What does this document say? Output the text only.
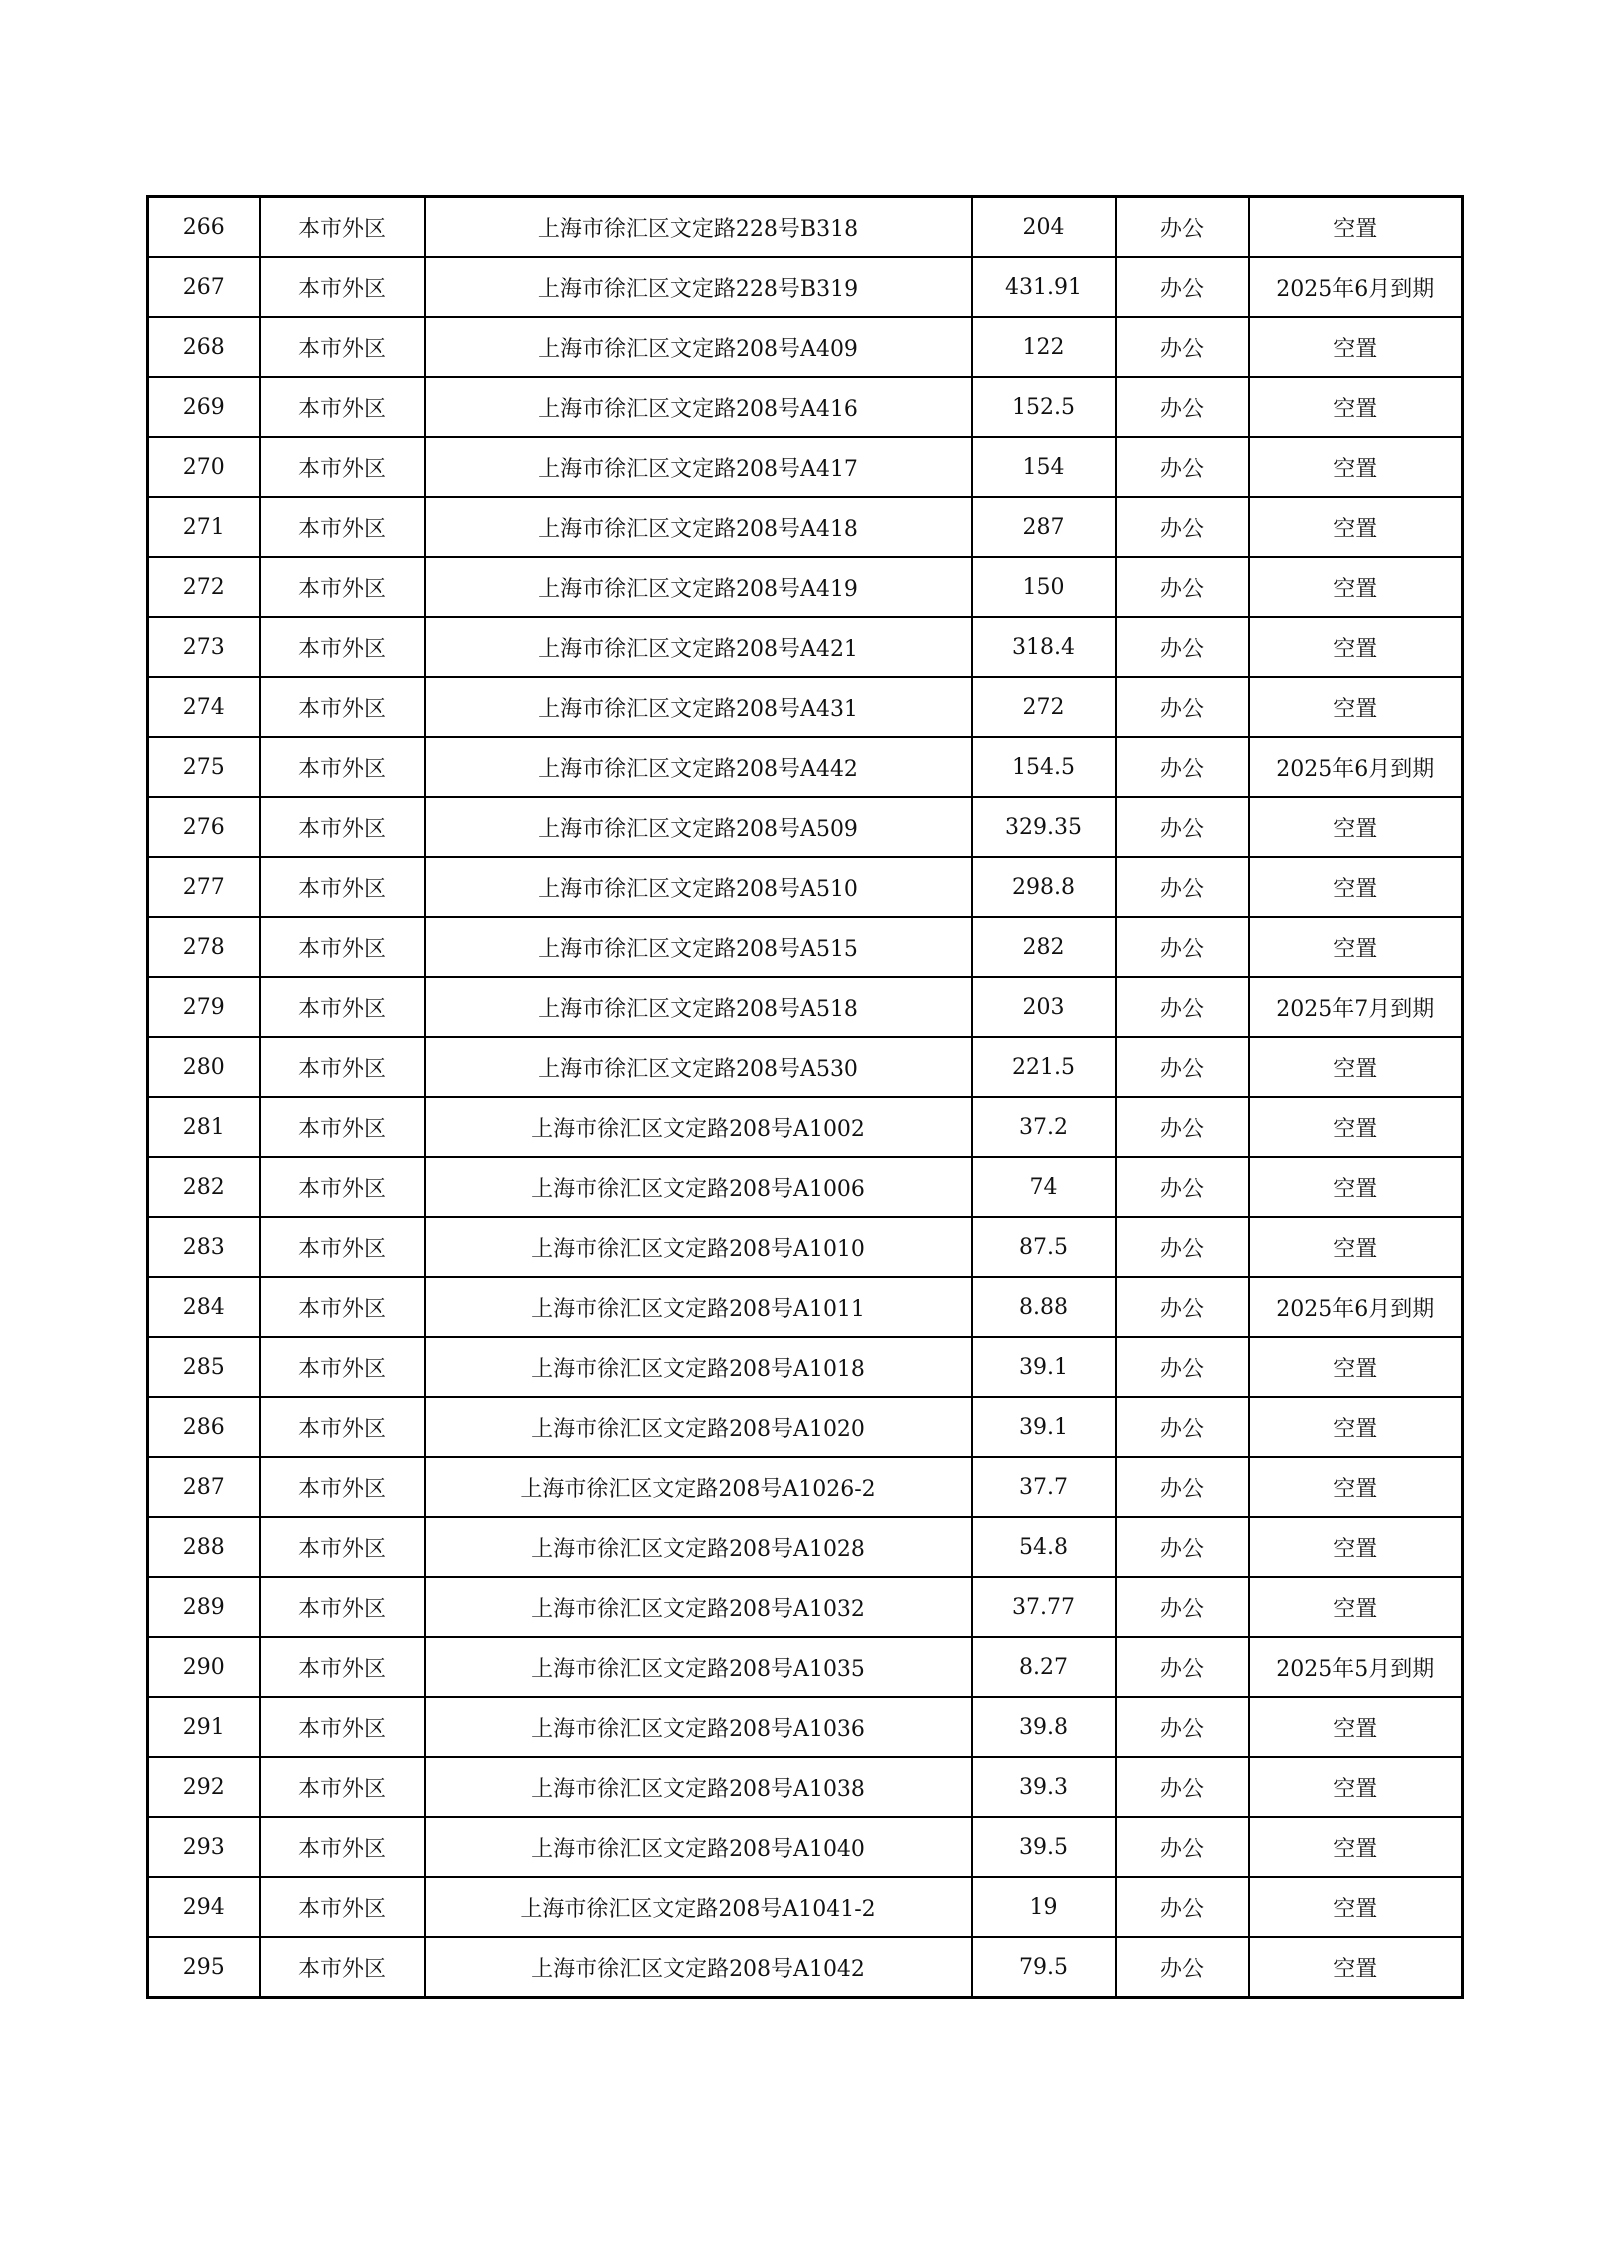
266	本市外区	上海市徐汇区文定路228号B318	204	办公	空置
267	本市外区	上海市徐汇区文定路228号B319	431.91	办公	2025年6月到期
268	本市外区	上海市徐汇区文定路208号A409	122	办公	空置
269	本市外区	上海市徐汇区文定路208号A416	152.5	办公	空置
270	本市外区	上海市徐汇区文定路208号A417	154	办公	空置
271	本市外区	上海市徐汇区文定路208号A418	287	办公	空置
272	本市外区	上海市徐汇区文定路208号A419	150	办公	空置
273	本市外区	上海市徐汇区文定路208号A421	318.4	办公	空置
274	本市外区	上海市徐汇区文定路208号A431	272	办公	空置
275	本市外区	上海市徐汇区文定路208号A442	154.5	办公	2025年6月到期
276	本市外区	上海市徐汇区文定路208号A509	329.35	办公	空置
277	本市外区	上海市徐汇区文定路208号A510	298.8	办公	空置
278	本市外区	上海市徐汇区文定路208号A515	282	办公	空置
279	本市外区	上海市徐汇区文定路208号A518	203	办公	2025年7月到期
280	本市外区	上海市徐汇区文定路208号A530	221.5	办公	空置
281	本市外区	上海市徐汇区文定路208号A1002	37.2	办公	空置
282	本市外区	上海市徐汇区文定路208号A1006	74	办公	空置
283	本市外区	上海市徐汇区文定路208号A1010	87.5	办公	空置
284	本市外区	上海市徐汇区文定路208号A1011	8.88	办公	2025年6月到期
285	本市外区	上海市徐汇区文定路208号A1018	39.1	办公	空置
286	本市外区	上海市徐汇区文定路208号A1020	39.1	办公	空置
287	本市外区	上海市徐汇区文定路208号A1026-2	37.7	办公	空置
288	本市外区	上海市徐汇区文定路208号A1028	54.8	办公	空置
289	本市外区	上海市徐汇区文定路208号A1032	37.77	办公	空置
290	本市外区	上海市徐汇区文定路208号A1035	8.27	办公	2025年5月到期
291	本市外区	上海市徐汇区文定路208号A1036	39.8	办公	空置
292	本市外区	上海市徐汇区文定路208号A1038	39.3	办公	空置
293	本市外区	上海市徐汇区文定路208号A1040	39.5	办公	空置
294	本市外区	上海市徐汇区文定路208号A1041-2	19	办公	空置
295	本市外区	上海市徐汇区文定路208号A1042	79.5	办公	空置
